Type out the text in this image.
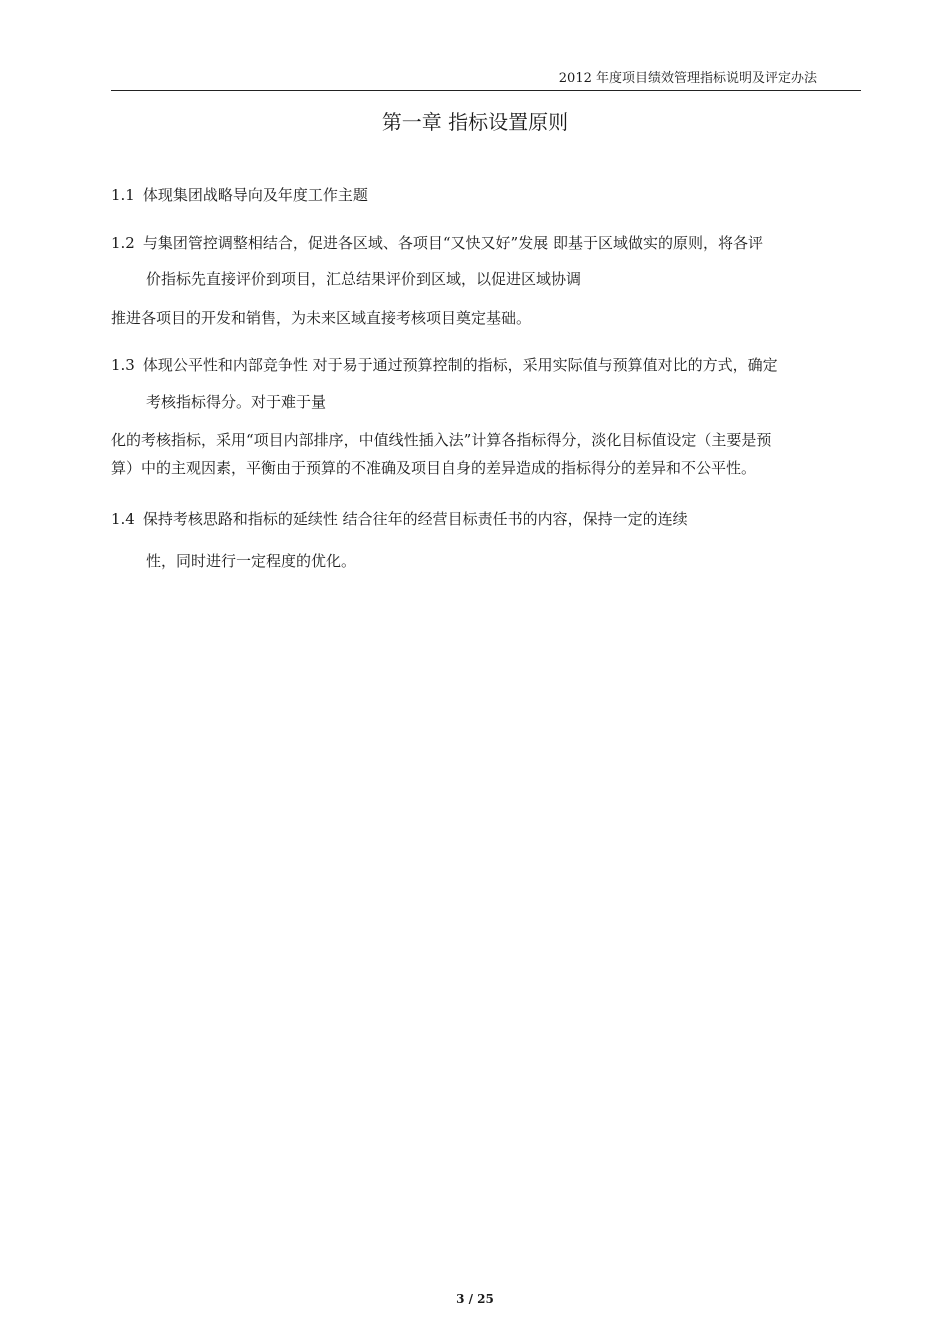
2012 年度项目绩效管理指标说明及评定办法
第一章 指标设置原则
1.1 体现集团战略导向及年度工作主题
1.2 与集团管控调整相结合，促进各区域、各项目“又快又好”发展 即基于区域做实的原则，将各评
价指标先直接评价到项目，汇总结果评价到区域，以促进区域协调
推进各项目的开发和销售，为未来区域直接考核项目奠定基础。
1.3 体现公平性和内部竞争性 对于易于通过预算控制的指标，采用实际值与预算值对比的方式，确定
考核指标得分。对于难于量
化的考核指标，采用“项目内部排序，中值线性插入法”计算各指标得分，淡化目标值设定（主要是预
算）中的主观因素，平衡由于预算的不准确及项目自身的差异造成的指标得分的差异和不公平性。
1.4 保持考核思路和指标的延续性 结合往年的经营目标责任书的内容，保持一定的连续
性，同时进行一定程度的优化。
3 / 25
